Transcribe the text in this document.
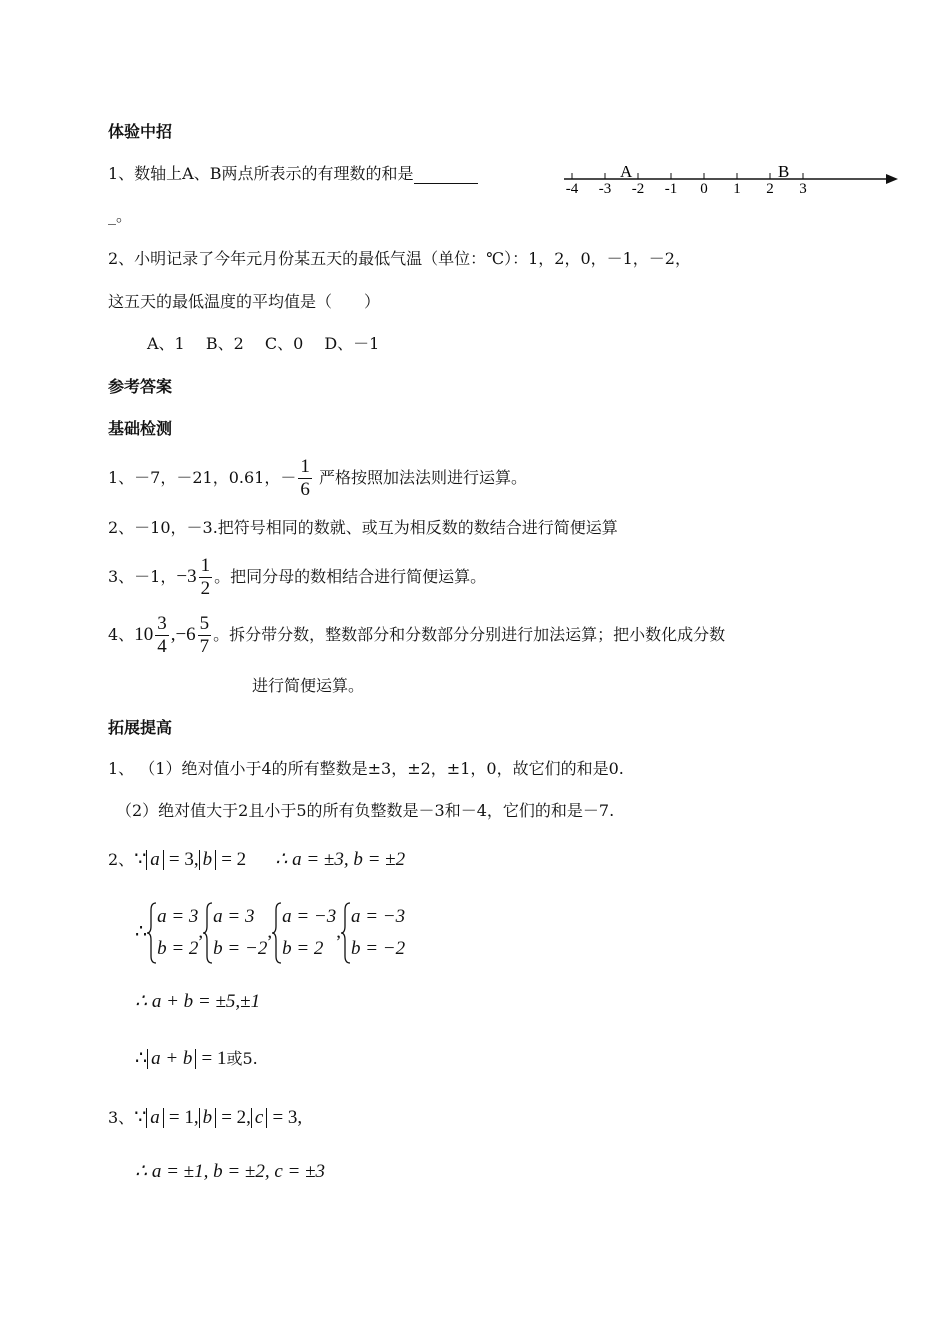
体验中招
1、数轴上A、B两点所表示的有理数的和是
_。
-4 -3 -2 -1 0 1 2 3
A	B
2、小明记录了今年元月份某五天的最低气温（单位：℃）：1，2，0，－1，－2，
这五天的最低温度的平均值是（　　）
A、1　 B、2　 C、0　 D、－1
参考答案
基础检测
1、－7，－21，0.61，－ $\frac{1}{6}$ 严格按照加法法则进行运算。
2、－10，－3.把符号相同的数就、或互为相反数的数结合进行简便运算
3、－1，$-3 \frac{1}{2}$ 。把同分母的数相结合进行简便运算。
4、$10 \frac{3}{4} ,-6 \frac{5}{7}$ 。拆分带分数，整数部分和分数部分分别进行加法运算；把小数化成分数
进行简便运算。
拓展提高
1、 （1）绝对值小于4的所有整数是±3，±2，±1，0，故它们的和是0.
（2）绝对值大于2且小于5的所有负整数是－3和－4，它们的和是－7.
2、∵ a = 3, b = 2 ∴ a = ±3, b = ±2
∴
a = 3
b = 2
,
a = 3
b = −2
,
a = −3
b = 2
,
a = −3
b = −2
∴ a + b = ±5,±1
∴ a + b = 1或5.
3、∵ a = 1, b = 2, c = 3,
∴ a = ±1, b = ±2, c = ±3
